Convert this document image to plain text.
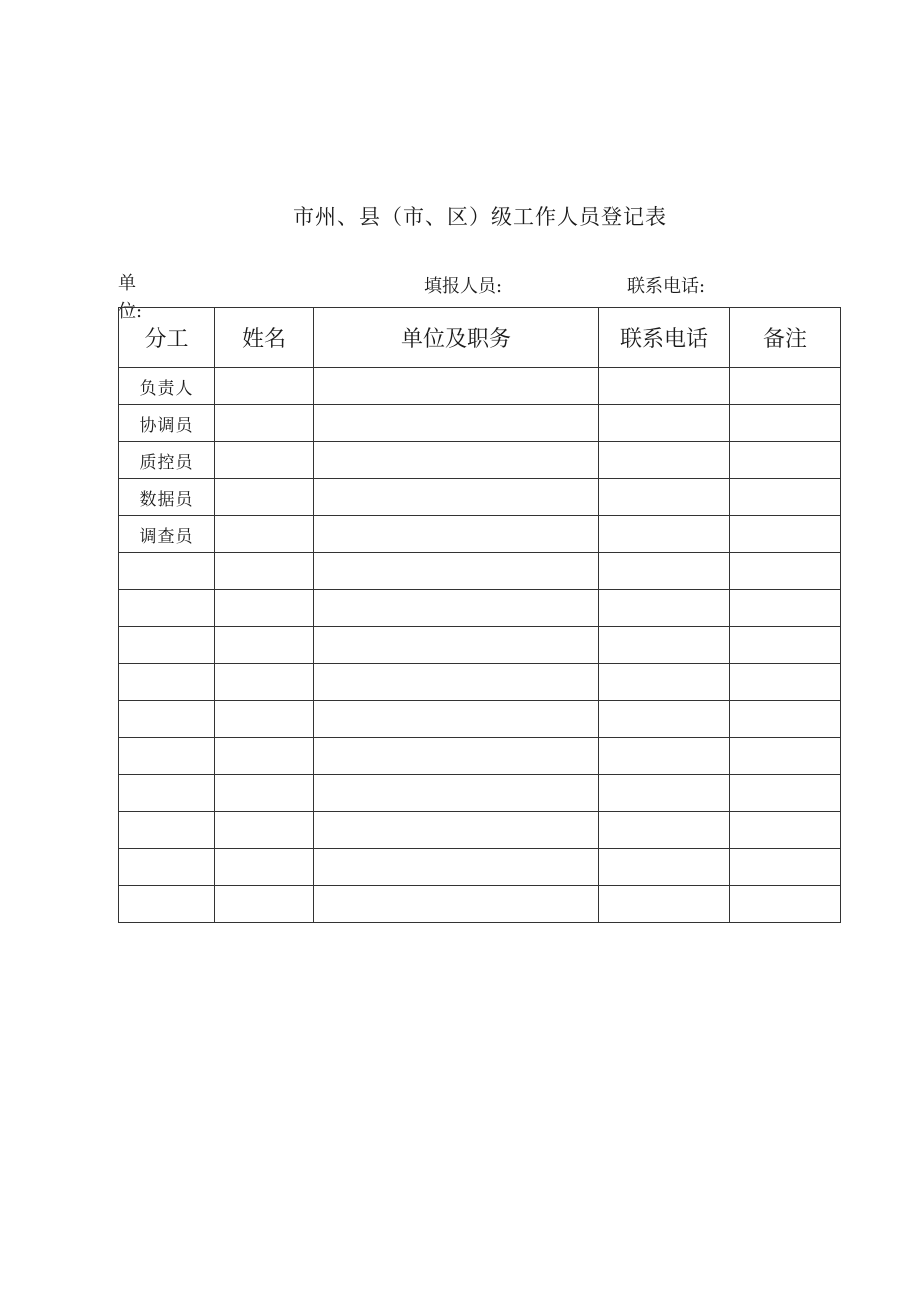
市州、县（市、区）级工作人员登记表
单位:
填报人员:	联系电话:
分工	姓名	单位及职务	联系电话	备注
负责人				
协调员				
质控员				
数据员				
调查员				
